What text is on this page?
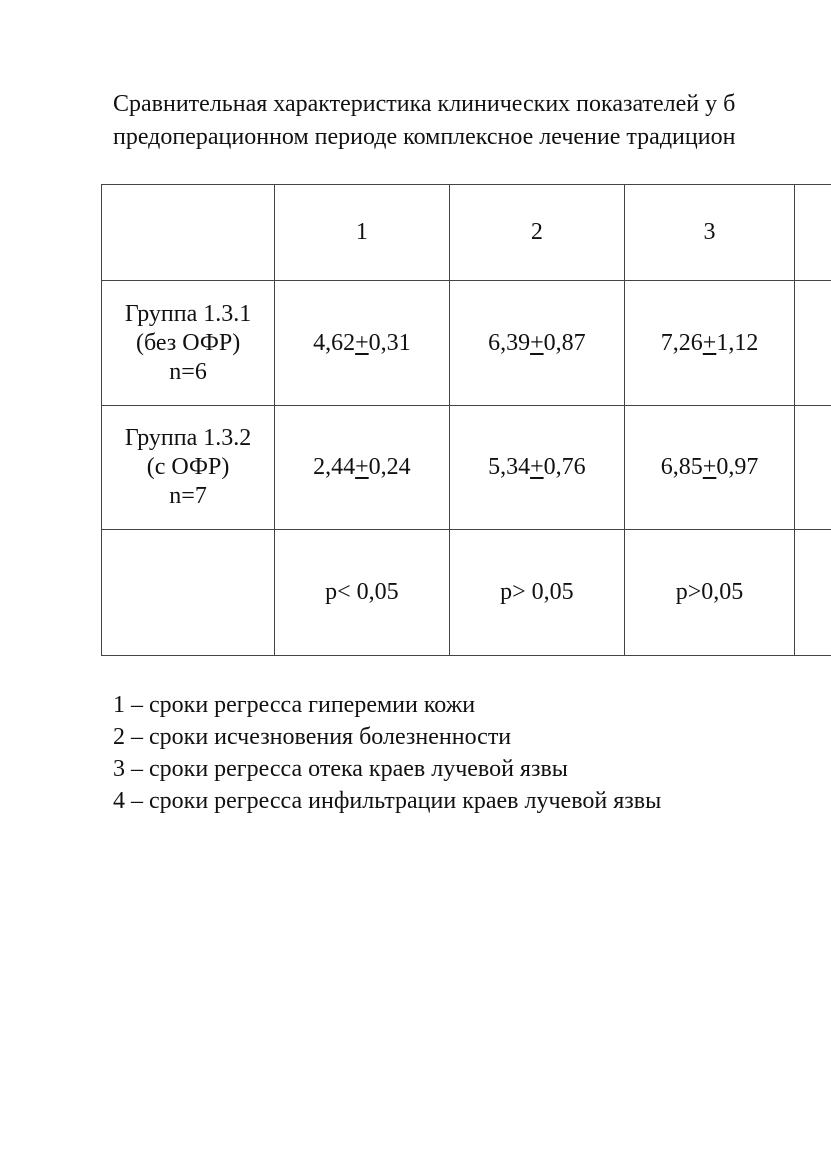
Сравнительная характеристика клинических показателей у б
предоперационном периоде комплексное лечение традицион
	1	2	3	

Группа 1.3.1
(без ОФР)
n=6	4,62+0,31	6,39+0,87	7,26+1,12	

Группа 1.3.2
(с ОФР)
n=7	2,44+0,24	5,34+0,76	6,85+0,97	
	p< 0,05	p> 0,05	p>0,05	
1 – сроки регресса гиперемии кожи
2 – сроки исчезновения болезненности
3 – сроки регресса отека краев лучевой язвы
4 – сроки регресса инфильтрации краев лучевой язвы
